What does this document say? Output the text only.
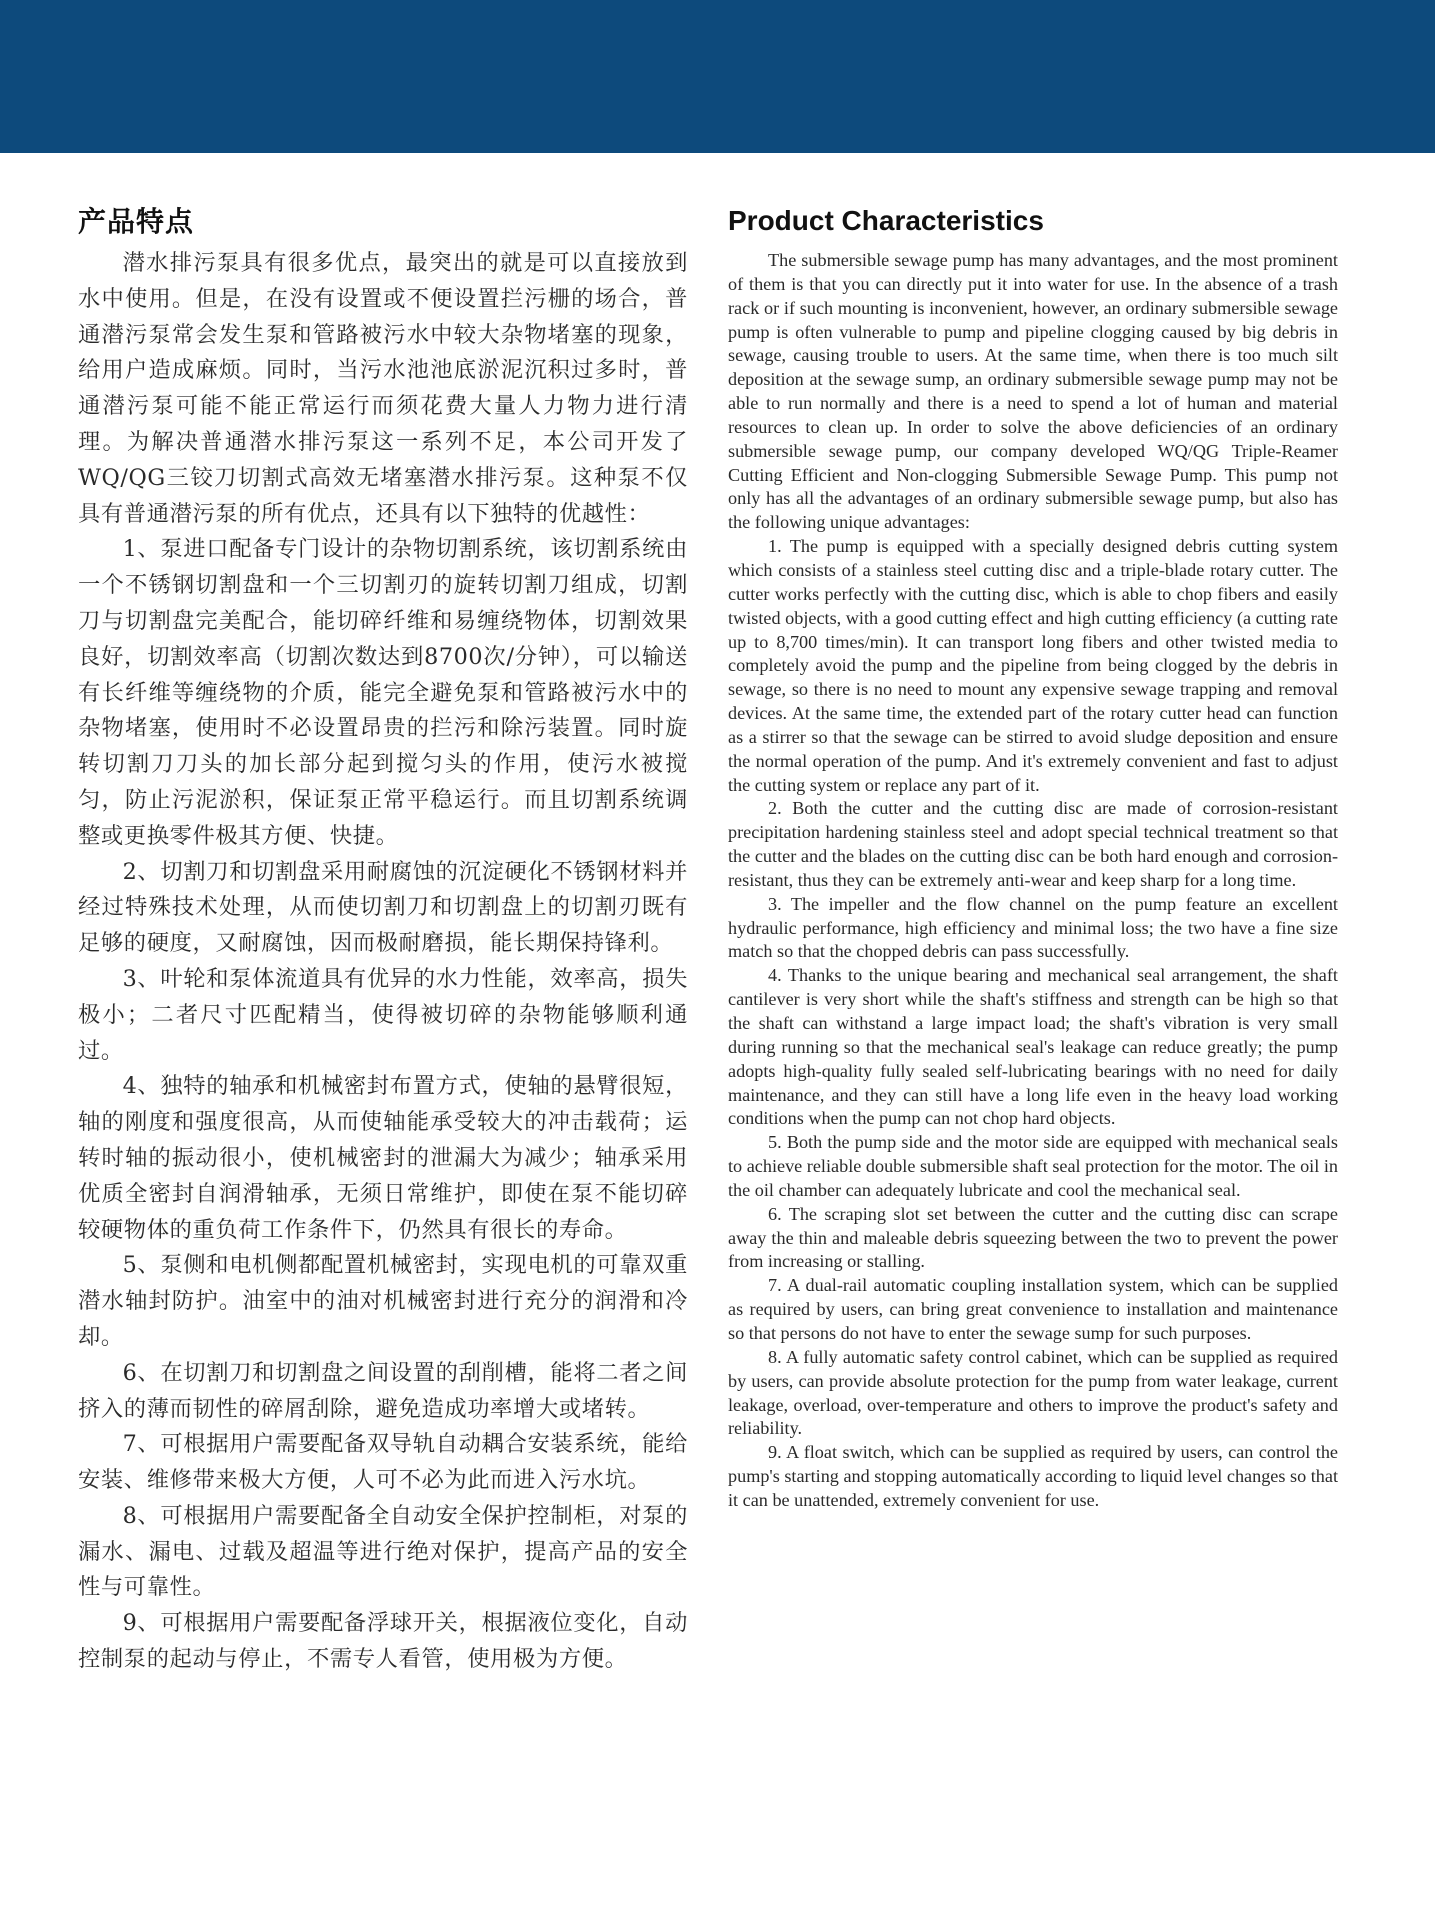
产品特点

潜水排污泵具有很多优点，最突出的就是可以直接放到水中使用。但是，在没有设置或不便设置拦污栅的场合，普通潜污泵常会发生泵和管路被污水中较大杂物堵塞的现象，给用户造成麻烦。同时，当污水池池底淤泥沉积过多时，普通潜污泵可能不能正常运行而须花费大量人力物力进行清理。为解决普通潜水排污泵这一系列不足，本公司开发了WQ/QG三铰刀切割式高效无堵塞潜水排污泵。这种泵不仅具有普通潜污泵的所有优点，还具有以下独特的优越性：

1、泵进口配备专门设计的杂物切割系统，该切割系统由一个不锈钢切割盘和一个三切割刃的旋转切割刀组成，切割刀与切割盘完美配合，能切碎纤维和易缠绕物体，切割效果良好，切割效率高（切割次数达到8700次/分钟），可以输送有长纤维等缠绕物的介质，能完全避免泵和管路被污水中的杂物堵塞，使用时不必设置昂贵的拦污和除污装置。同时旋转切割刀刀头的加长部分起到搅匀头的作用，使污水被搅匀，防止污泥淤积，保证泵正常平稳运行。而且切割系统调整或更换零件极其方便、快捷。

2、切割刀和切割盘采用耐腐蚀的沉淀硬化不锈钢材料并经过特殊技术处理，从而使切割刀和切割盘上的切割刃既有足够的硬度，又耐腐蚀，因而极耐磨损，能长期保持锋利。

3、叶轮和泵体流道具有优异的水力性能，效率高，损失极小；二者尺寸匹配精当，使得被切碎的杂物能够顺利通过。

4、独特的轴承和机械密封布置方式，使轴的悬臂很短，轴的刚度和强度很高，从而使轴能承受较大的冲击载荷；运转时轴的振动很小，使机械密封的泄漏大为减少；轴承采用优质全密封自润滑轴承，无须日常维护，即使在泵不能切碎较硬物体的重负荷工作条件下，仍然具有很长的寿命。

5、泵侧和电机侧都配置机械密封，实现电机的可靠双重潜水轴封防护。油室中的油对机械密封进行充分的润滑和冷却。

6、在切割刀和切割盘之间设置的刮削槽，能将二者之间挤入的薄而韧性的碎屑刮除，避免造成功率增大或堵转。

7、可根据用户需要配备双导轨自动耦合安装系统，能给安装、维修带来极大方便，人可不必为此而进入污水坑。

8、可根据用户需要配备全自动安全保护控制柜，对泵的漏水、漏电、过载及超温等进行绝对保护，提高产品的安全性与可靠性。

9、可根据用户需要配备浮球开关，根据液位变化，自动控制泵的起动与停止，不需专人看管，使用极为方便。

Product Characteristics

The submersible sewage pump has many advantages, and the most prominent of them is that you can directly put it into water for use. In the absence of a trash rack or if such mounting is inconvenient, however, an ordinary submersible sewage pump is often vulnerable to pump and pipeline clogging caused by big debris in sewage, causing trouble to users. At the same time, when there is too much silt deposition at the sewage sump, an ordinary submersible sewage pump may not be able to run normally and there is a need to spend a lot of human and material resources to clean up. In order to solve the above deficiencies of an ordinary submersible sewage pump, our company developed WQ/QG Triple-Reamer Cutting Efficient and Non-clogging Submersible Sewage Pump. This pump not only has all the advantages of an ordinary submersible sewage pump, but also has the following unique advantages:

1. The pump is equipped with a specially designed debris cutting system which consists of a stainless steel cutting disc and a triple-blade rotary cutter. The cutter works perfectly with the cutting disc, which is able to chop fibers and easily twisted objects, with a good cutting effect and high cutting efficiency (a cutting rate up to 8,700 times/min). It can transport long fibers and other twisted media to completely avoid the pump and the pipeline from being clogged by the debris in sewage, so there is no need to mount any expensive sewage trapping and removal devices. At the same time, the extended part of the rotary cutter head can function as a stirrer so that the sewage can be stirred to avoid sludge deposition and ensure the normal operation of the pump. And it's extremely convenient and fast to adjust the cutting system or replace any part of it.

2. Both the cutter and the cutting disc are made of corrosion-resistant precipitation hardening stainless steel and adopt special technical treatment so that the cutter and the blades on the cutting disc can be both hard enough and corrosion-resistant, thus they can be extremely anti-wear and keep sharp for a long time.

3. The impeller and the flow channel on the pump feature an excellent hydraulic performance, high efficiency and minimal loss; the two have a fine size match so that the chopped debris can pass successfully.

4. Thanks to the unique bearing and mechanical seal arrangement, the shaft cantilever is very short while the shaft's stiffness and strength can be high so that the shaft can withstand a large impact load; the shaft's vibration is very small during running so that the mechanical seal's leakage can reduce greatly; the pump adopts high-quality fully sealed self-lubricating bearings with no need for daily maintenance, and they can still have a long life even in the heavy load working conditions when the pump can not chop hard objects.

5. Both the pump side and the motor side are equipped with mechanical seals to achieve reliable double submersible shaft seal protection for the motor. The oil in the oil chamber can adequately lubricate and cool the mechanical seal.

6. The scraping slot set between the cutter and the cutting disc can scrape away the thin and maleable debris squeezing between the two to prevent the power from increasing or stalling.

7. A dual-rail automatic coupling installation system, which can be supplied as required by users, can bring great convenience to installation and maintenance so that persons do not have to enter the sewage sump for such purposes.

8. A fully automatic safety control cabinet, which can be supplied as required by users, can provide absolute protection for the pump from water leakage, current leakage, overload, over-temperature and others to improve the product's safety and reliability.

9. A float switch, which can be supplied as required by users, can control the pump's starting and stopping automatically according to liquid level changes so that it can be unattended, extremely convenient for use.
